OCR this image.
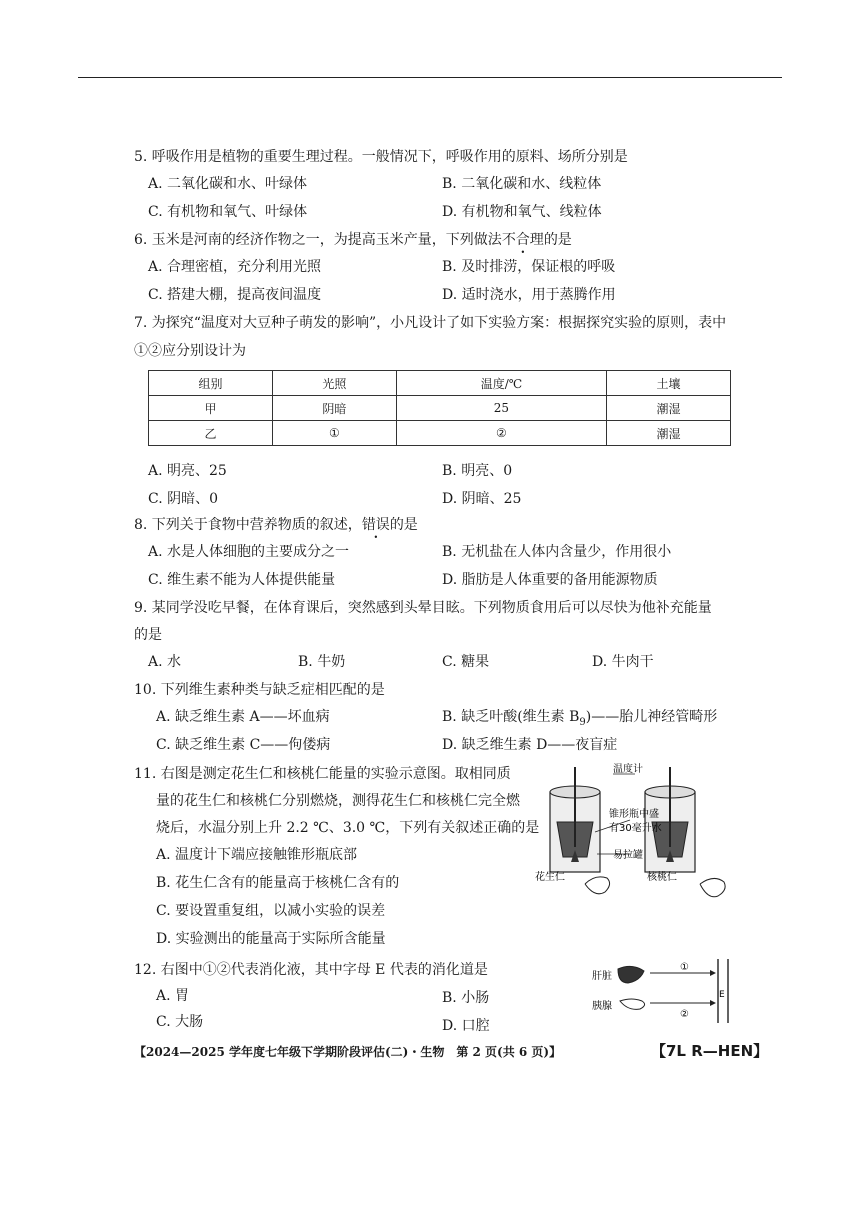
5. 呼吸作用是植物的重要生理过程。一般情况下，呼吸作用的原料、场所分别是
A. 二氧化碳和水、叶绿体	B. 二氧化碳和水、线粒体
C. 有机物和氧气、叶绿体	D. 有机物和氧气、线粒体
6. 玉米是河南的经济作物之一，为提高玉米产量，下列做法不合理的是
A. 合理密植，充分利用光照	B. 及时排涝，保证根的呼吸
C. 搭建大棚，提高夜间温度	D. 适时浇水，用于蒸腾作用
7. 为探究“温度对大豆种子萌发的影响”，小凡设计了如下实验方案：根据探究实验的原则，表中
①②应分别设计为
组别	光照	温度/℃	土壤
甲	阴暗	25	潮湿
乙	①	②	潮湿
A. 明亮、25	B. 明亮、0
C. 阴暗、0	D. 阴暗、25
8. 下列关于食物中营养物质的叙述，错误的是
A. 水是人体细胞的主要成分之一	B. 无机盐在人体内含量少，作用很小
C. 维生素不能为人体提供能量	D. 脂肪是人体重要的备用能源物质
9. 某同学没吃早餐，在体育课后，突然感到头晕目眩。下列物质食用后可以尽快为他补充能量
的是
A. 水	B. 牛奶	C. 糖果	D. 牛肉干
10. 下列维生素种类与缺乏症相匹配的是
A. 缺乏维生素 A——坏血病	B. 缺乏叶酸(维生素 $B_9)——$胎儿神经管畸形
C. 缺乏维生素 C——佝偻病	D. 缺乏维生素 D——夜盲症
11. 右图是测定花生仁和核桃仁能量的实验示意图。取相同质
量的花生仁和核桃仁分别燃烧，测得花生仁和核桃仁完全燃
烧后，水温分别上升 2.2 ℃、3.0 ℃，下列有关叙述正确的是
A. 温度计下端应接触锥形瓶底部
B. 花生仁含有的能量高于核桃仁含有的
C. 要设置重复组，以减小实验的误差
D. 实验测出的能量高于实际所含能量
温度计
锥形瓶中盛
有30毫升水
易拉罐
花生仁	核桃仁
12. 右图中①②代表消化液，其中字母 E 代表的消化道是
A. 胃	B. 小肠
C. 大肠	D. 口腔
肝脏
胰腺
①
②
E
【2024—2025 学年度七年级下学期阶段评估(二)・生物　第 2 页(共 6 页)】	【7L R—HEN】
